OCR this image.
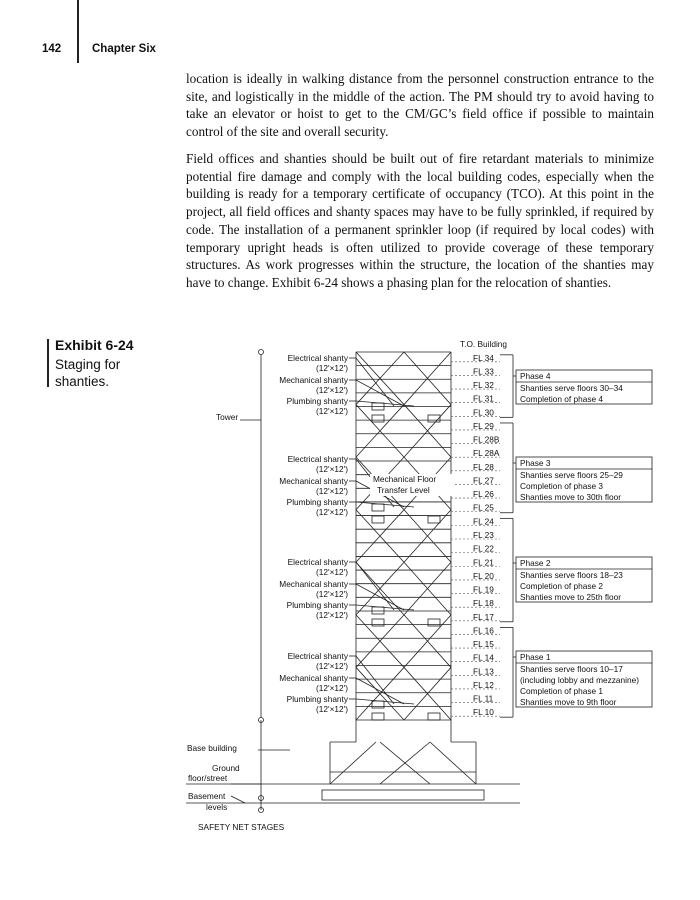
142	Chapter Six

location is ideally in walking distance from the personnel construction entrance to the site, and logistically in the middle of the action. The PM should try to avoid having to take an elevator or hoist to get to the CM/GC’s field office if possible to maintain control of the site and overall security.

Field offices and shanties should be built out of fire retardant materials to minimize potential fire damage and comply with the local building codes, especially when the building is ready for a temporary certificate of occupancy (TCO). At this point in the project, all field offices and shanty spaces may have to be fully sprinkled, if required by code. The installation of a permanent sprinkler loop (if required by local codes) with temporary upright heads is often utilized to provide coverage of these temporary structures. As work progresses within the structure, the location of the shanties may have to change. Exhibit 6-24 shows a phasing plan for the relocation of shanties.

Exhibit 6-24
Staging for shanties.
FL 34
FL 33
FL 32
FL 31
FL 30
FL 29
FL 28B
FL 28A
FL 28
FL 27
FL 26
FL 25
FL 24
FL 23
FL 22
FL 21
FL 20
FL 19
FL 18
FL 17
FL 16
FL 15
FL 14
FL 13
FL 12
FL 11
FL 10
Electrical shanty
(12'×12')
Mechanical shanty
(12'×12')
Plumbing shanty
(12'×12')
Electrical shanty
(12'×12')
Mechanical shanty
(12'×12')
Plumbing shanty
(12'×12')
Electrical shanty
(12'×12')
Mechanical shanty
(12'×12')
Plumbing shanty
(12'×12')
Electrical shanty
(12'×12')
Mechanical shanty
(12'×12')
Plumbing shanty
(12'×12')
Phase 4
Shanties serve floors 30–34
Completion of phase 4
Phase 3
Shanties serve floors 25–29
Completion of phase 3
Shanties move to 30th floor
Phase 2
Shanties serve floors 18–23
Completion of phase 2
Shanties move to 25th floor
Phase 1
Shanties serve floors 10–17
(including lobby and mezzanine)
Completion of phase 1
Shanties move to 9th floor
T.O. Building
Tower
Base building
Ground
floor/street
Basement
levels
SAFETY NET STAGES
Mechanical Floor
Transfer Level
